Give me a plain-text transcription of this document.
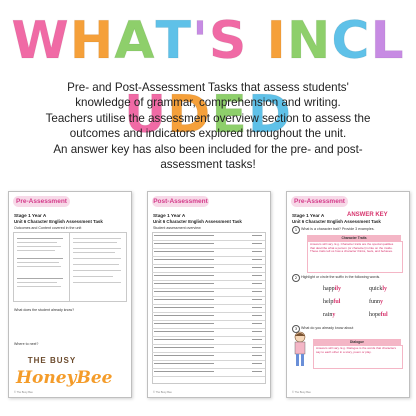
WHAT'S INCLUDED
Pre- and Post-Assessment Tasks that assess students'
knowledge of grammar, comprehension and writing.
Teachers utilise the assessment overview section to assess the
outcomes and indicators explored throughout the unit.
An answer key has also been included for the pre- and post-
assessment tasks!
Pre-Assessment
Stage 1 Year A
Unit 6 Character English Assessment Task
Outcomes and Content covered in the unit
What does the student already know?
Where to next?
© The Busy Bee
Post-Assessment
Stage 1 Year A
Unit 6 Character English Assessment Task
Student assessment overview
© The Busy Bee
Pre-Assessment
Stage 1 Year A	ANSWER KEY
Unit 6 Character English Assessment Task
1	What is a character trait? Provide 3 examples.
Character Traits
Answers will vary. E.g. Character traits are the special qualities that describe what a person (or character) is like on the inside. These traits tell us how a character thinks, feels, and behaves.
2	Highlight or circle the suffix in the following words.
happily	quickly
helpful	funny
rainy	hopeful
3	What do you already know about
Dialogue
Answers will vary. E.g. Dialogue is the words that characters say to each other in a story, poem or play.
© The Busy Bee
THE BUSY
HoneyBee
